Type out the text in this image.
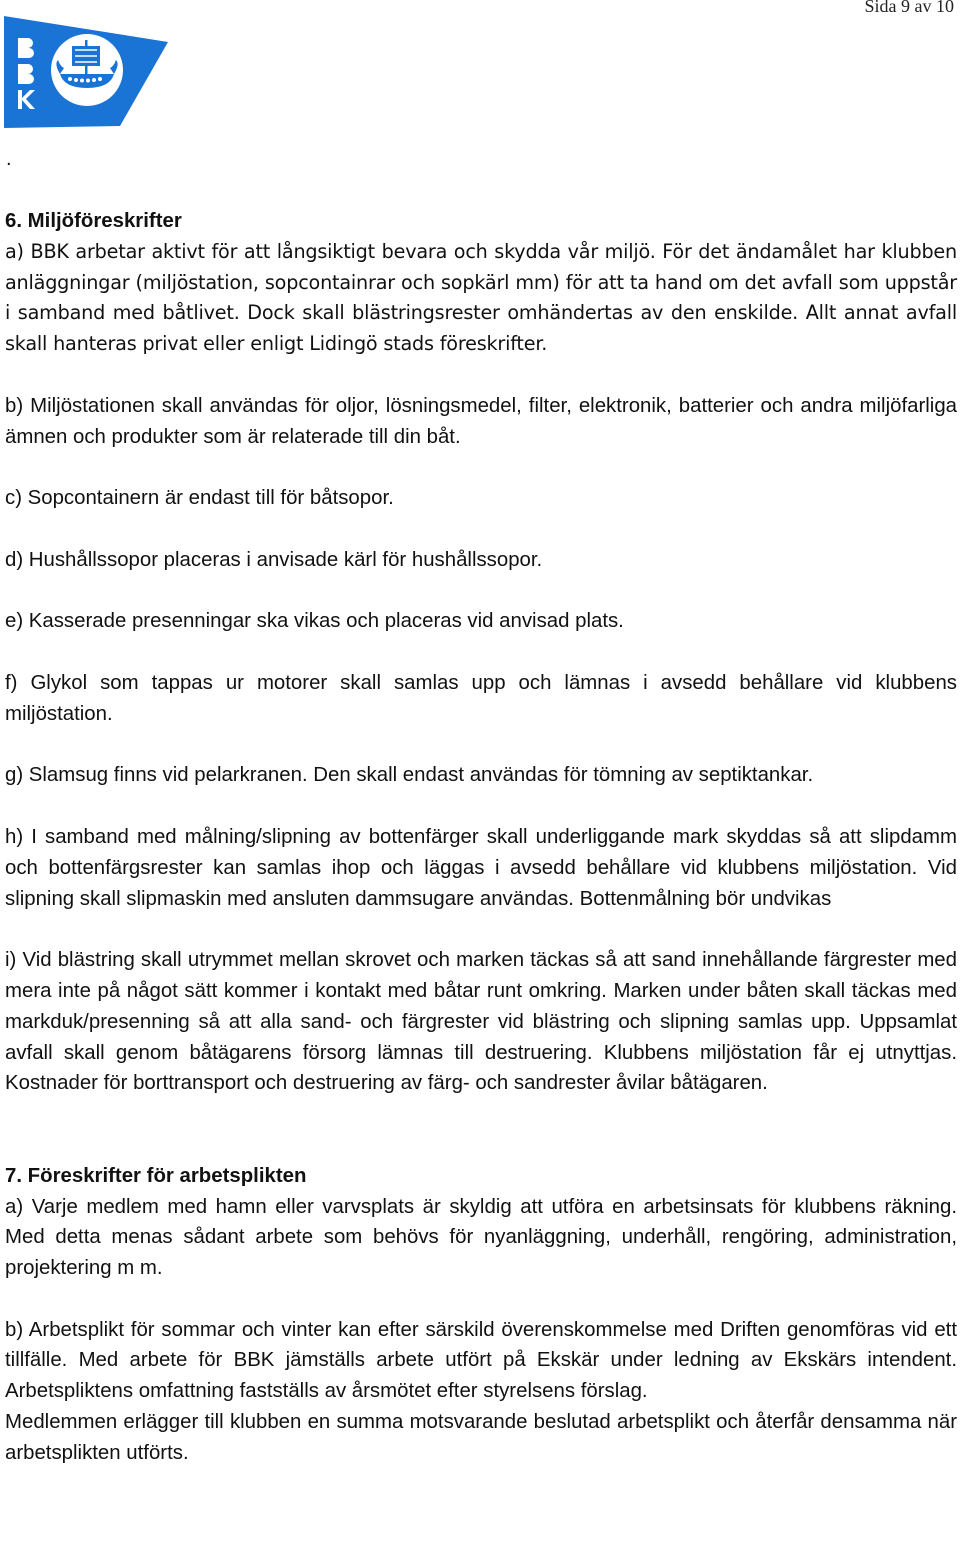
Sida 9 av 10
.

6. Miljöföreskrifter

a) BBK arbetar aktivt för att långsiktigt bevara och skydda vår miljö. För det ändamålet har klubben anläggningar (miljöstation, sopcontainrar och sopkärl mm) för att ta hand om det avfall som uppstår i samband med båtlivet. Dock skall blästringsrester omhändertas av den enskilde. Allt annat avfall skall hanteras privat eller enligt Lidingö stads föreskrifter.

b) Miljöstationen skall användas för oljor, lösningsmedel, filter, elektronik, batterier och andra miljöfarliga ämnen och produkter som är relaterade till din båt.

c) Sopcontainern är endast till för båtsopor.

d) Hushållssopor placeras i anvisade kärl för hushållssopor.

e) Kasserade presenningar ska vikas och placeras vid anvisad plats.

f) Glykol som tappas ur motorer skall samlas upp och lämnas i avsedd behållare vid klubbens miljöstation.

g) Slamsug finns vid pelarkranen. Den skall endast användas för tömning av septiktankar.

h) I samband med målning/slipning av bottenfärger skall underliggande mark skyddas så att slipdamm och bottenfärgsrester kan samlas ihop och läggas i avsedd behållare vid klubbens miljöstation. Vid slipning skall slipmaskin med ansluten dammsugare användas. Bottenmålning bör undvikas

i) Vid blästring skall utrymmet mellan skrovet och marken täckas så att sand innehållande färgrester med mera inte på något sätt kommer i kontakt med båtar runt omkring. Marken under båten skall täckas med markduk/presenning så att alla sand- och färgrester vid blästring och slipning samlas upp. Uppsamlat avfall skall genom båtägarens försorg lämnas till destruering. Klubbens miljöstation får ej utnyttjas. Kostnader för borttransport och destruering av färg- och sandrester åvilar båtägaren.

7. Föreskrifter för arbetsplikten

a) Varje medlem med hamn eller varvsplats är skyldig att utföra en arbetsinsats för klubbens räkning. Med detta menas sådant arbete som behövs för nyanläggning, underhåll, rengöring, administration, projektering m m.

b) Arbetsplikt för sommar och vinter kan efter särskild överenskommelse med Driften genomföras vid ett tillfälle. Med arbete för BBK jämställs arbete utfört på Ekskär under ledning av Ekskärs intendent. Arbetspliktens omfattning fastställs av årsmötet efter styrelsens förslag.

Medlemmen erlägger till klubben en summa motsvarande beslutad arbetsplikt och återfår densamma när arbetsplikten utförts.
